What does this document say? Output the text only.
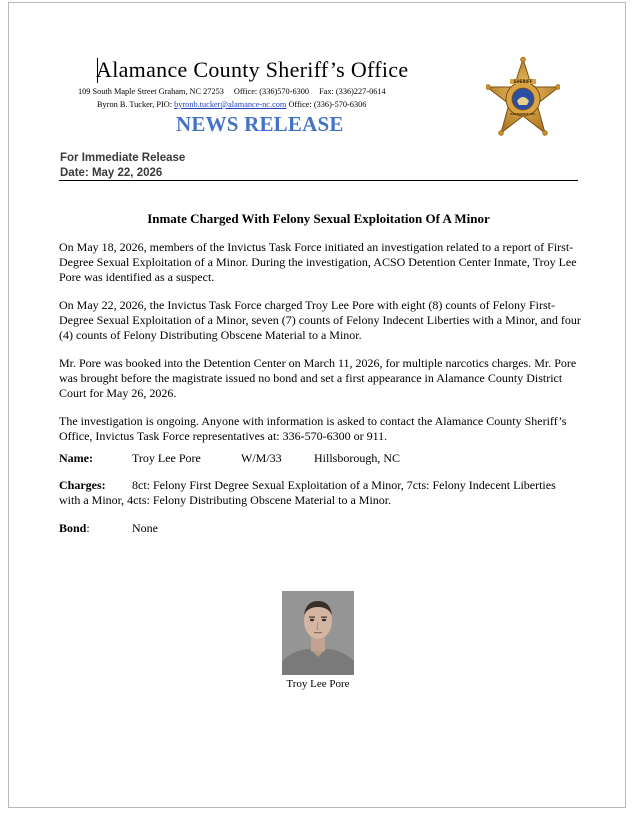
Alamance County Sheriff’s Office
109 South Maple Street Graham, NC 27253 Office: (336)570-6300 Fax: (336)227-0614
Byron B. Tucker, PIO: byronb.tucker@alamance-nc.com Office: (336)-570-6306
NEWS RELEASE
SHERIFF
ALAMANCE CO.
For Immediate Release
Date: May 22, 2026
Inmate Charged With Felony Sexual Exploitation Of A Minor

On May 18, 2026, members of the Invictus Task Force initiated an investigation related to a report of First-Degree Sexual Exploitation of a Minor. During the investigation, ACSO Detention Center Inmate, Troy Lee Pore was identified as a suspect.

On May 22, 2026, the Invictus Task Force charged Troy Lee Pore with eight (8) counts of Felony First-Degree Sexual Exploitation of a Minor, seven (7) counts of Felony Indecent Liberties with a Minor, and four (4) counts of Felony Distributing Obscene Material to a Minor.

Mr. Pore was booked into the Detention Center on March 11, 2026, for multiple narcotics charges. Mr. Pore was brought before the magistrate issued no bond and set a first appearance in Alamance County District Court for May 26, 2026.

The investigation is ongoing. Anyone with information is asked to contact the Alamance County Sheriff’s Office, Invictus Task Force representatives at: 336-570-6300 or 911.

Name:	Troy Lee Pore	W/M/33	Hillsborough, NC
Charges: 8ct: Felony First Degree Sexual Exploitation of a Minor, 7cts: Felony Indecent Liberties with a Minor, 4cts: Felony Distributing Obscene Material to a Minor.
Bond:	None
Troy Lee Pore
